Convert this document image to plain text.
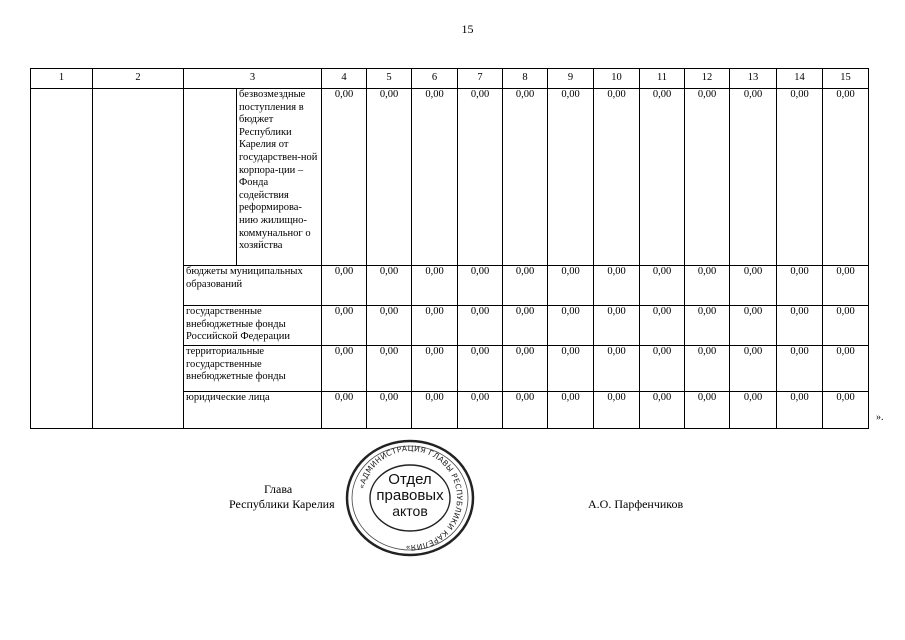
15
1	2	3		4	5	6	7	8	9	10	11	12	13	14	15
			безвозмездные поступления в бюджет Республики Карелия от государствен-ной корпора-ции – Фонда содействия реформирова-нию жилищно-коммунальног о хозяйства	0,00	0,00	0,00	0,00	0,00	0,00	0,00	0,00	0,00	0,00	0,00	0,00
		бюджеты муниципальных образований		0,00	0,00	0,00	0,00	0,00	0,00	0,00	0,00	0,00	0,00	0,00	0,00
		государственные внебюджетные фонды Российской Федерации		0,00	0,00	0,00	0,00	0,00	0,00	0,00	0,00	0,00	0,00	0,00	0,00
		территориальные государственные внебюджетные фонды		0,00	0,00	0,00	0,00	0,00	0,00	0,00	0,00	0,00	0,00	0,00	0,00
		юридические лица		0,00	0,00	0,00	0,00	0,00	0,00	0,00	0,00	0,00	0,00	0,00	0,00
».
Глава
Республики Карелия	А.О. Парфенчиков
«АДМИНИСТРАЦИЯ ГЛАВЫ РЕСПУБЛИКИ КАРЕЛИЯ»
Отдел
правовых
актов
